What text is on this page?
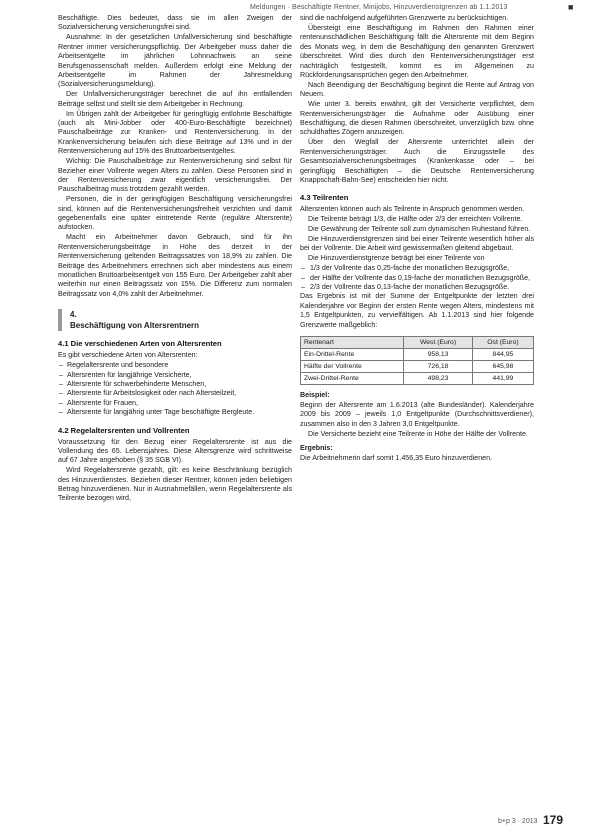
Meldungen · Beschäftigte Rentner, Minijobs, Hinzuverdienstgrenzen ab 1.1.2013	■

Beschäftigte. Dies bedeutet, dass sie im allen Zweigen der Sozialversicherung versicherungsfrei sind.

Ausnahme: In der gesetzlichen Unfallversicherung sind beschäftigte Rentner immer versicherungspflichtig. Der Arbeitgeber muss daher die Arbeitsentgelte im jährlichen Lohnnachweis an seine Berufsgenossenschaft melden. Außerdem erfolgt eine Meldung der Arbeitsentgelte im Rahmen der Jahresmeldung (Sozialversicherungsmeldung).

Der Unfallversicherungsträger berechnet die auf ihn entfallenden Beiträge selbst und stellt sie dem Arbeitgeber in Rechnung.

Im Übrigen zahlt der Arbeitgeber für geringfügig entlohnte Beschäftigte (auch als Mini-Jobber oder 400-Euro-Beschäftigte bezeichnet) Pauschalbeiträge zur Kranken- und Rentenversicherung. In der Krankenversicherung belaufen sich diese Beiträge auf 13% und in der Rentenversicherung auf 15% des Bruttoarbeitsentgeltes.

Wichtig: Die Pauschalbeiträge zur Rentenversicherung sind selbst für Bezieher einer Vollrente wegen Alters zu zahlen. Diese Personen sind in der Rentenversicherung zwar eigentlich versicherungsfrei. Der Pauschalbeitrag muss trotzdem gezahlt werden.

Personen, die in der geringfügigen Beschäftigung versicherungsfrei sind, können auf die Rentenversicherungsfreiheit verzichten und damit gegebenenfalls eine später eintretende Rente (reguläre Altersrente) aufstocken.

Macht ein Arbeitnehmer davon Gebrauch, sind für ihn Rentenversicherungsbeiträge in Höhe des derzeit in der Rentenversicherung geltenden Beitragssatzes von 18,9% zu zahlen. Die Beiträge des Arbeitnehmers errechnen sich aber mindestens aus einem monatlichen Bruttoarbeitsentgelt von 155 Euro. Der Arbeitgeber zahlt aber weiterhin nur einen Beitragssatz von 15%. Die Differenz zum normalen Beitragssatz von 4,0% zahlt der Arbeitnehmer.

4.
Beschäftigung von Altersrentnern
4.1 Die verschiedenen Arten von Altersrenten

Es gibt verschiedene Arten von Altersrenten:

– Regelaltersrente und besondere
– Altersrenten für langjährige Versicherte,
– Altersrente für schwerbehinderte Menschen,
– Altersrente für Arbeitslosigkeit oder nach Altersteilzeit,
– Altersrente für Frauen,
– Altersrente für langjährig unter Tage beschäftigte Bergleute.
4.2 Regelaltersrenten und Vollrenten

Voraussetzung für den Bezug einer Regelaltersrente ist aus die Vollendung des 65. Lebensjahres. Diese Altersgrenze wird schrittweise auf 67 Jahre angehoben (§ 35 SGB VI).

Wird Regelaltersrente gezahlt, gilt: es keine Beschränkung bezüglich des Hinzuverdienstes. Beziehen dieser Rentner, können jeden beliebigen Betrag hinzuverdienen. Nur in Ausnahmefällen, wenn Regelaltersrente als Teilrente bezogen wird,

sind die nachfolgend aufgeführten Grenzwerte zu berücksichtigen.

Übersteigt eine Beschäftigung im Rahmen den Rahmen einer rentenunschädlichen Beschäftigung fällt die Altersrente mit dem Beginn des Monats weg, in dem die Beschäftigung den genannten Grenzwert überschreitet. Wird dies durch den Rentenversicherungsträger erst nachträglich festgestellt, kommt es im Allgemeinen zu Rückforderungsansprüchen gegen den Arbeitnehmer.

Nach Beendigung der Beschäftigung beginnt die Rente auf Antrag von Neuem.

Wie unter 3. bereits erwähnt, gilt der Versicherte verpflichtet, dem Rentenversicherungsträger die Aufnahme oder Ausübung einer Beschäftigung, die diesen Rahmen überschreitet, unverzüglich bzw. ohne schuldhaftes Zögern anzuzeigen.

Über den Wegfall der Altersrente unterrichtet allein der Rentenversicherungsträger. Auch die Einzugsstelle des Gesamtsozialversicherungsbeitrages (Krankenkasse oder – bei geringfügig Beschäftigten – die Deutsche Rentenversicherung Knappschaft-Bahn-See) entscheiden hier nicht.

4.3 Teilrenten

Altersrenten können auch als Teilrente in Anspruch genommen werden.

Die Teilrente beträgt 1/3, die Hälfte oder 2/3 der erreichten Vollrente.

Die Gewährung der Teilrente soll zum dynamischen Ruhestand führen.

Die Hinzuverdienstgrenzen sind bei einer Teilrente wesentlich höher als bei der Vollrente. Die Arbeit wird gewissermaßen gleitend abgebaut.

Die Hinzuverdienstgrenze beträgt bei einer Teilrente von

– 1/3 der Vollrente das 0,25-fache der monatlichen Bezugsgröße,
– der Hälfte der Vollrente das 0,19-fache der monatlichen Bezugsgröße,
– 2/3 der Vollrente das 0,13-fache der monatlichen Bezugsgröße.

Das Ergebnis ist mit der Summe der Entgeltpunkte der letzten drei Kalenderjahre vor Beginn der ersten Rente wegen Alters, mindestens mit 1,5 Entgeltpunkten, zu vervielfältigen. Ab 1.1.2013 sind hier folgende Grenzwerte maßgeblich:

Rentenart	West (Euro)	Ost (Euro)
Ein-Drittel-Rente	958,13	844,95
Hälfte der Vollrente	726,18	645,98
Zwei-Drittel-Rente	498,23	441,99

Beispiel:

Beginn der Altersrente am 1.6.2013 (alte Bundesländer). Kalenderjahre 2009 bis 2009 – jeweils 1,0 Entgeltpunkte (Durchschnittsverdiener), zusammen also in den 3 Jahren 3,0 Entgeltpunkte.

Die Versicherte bezieht eine Teilrente in Höhe der Hälfte der Vollrente.

Ergebnis:

Die Arbeitnehmerin darf somit 1.456,35 Euro hinzuverdienen.

b+p 3 · 2013 179
